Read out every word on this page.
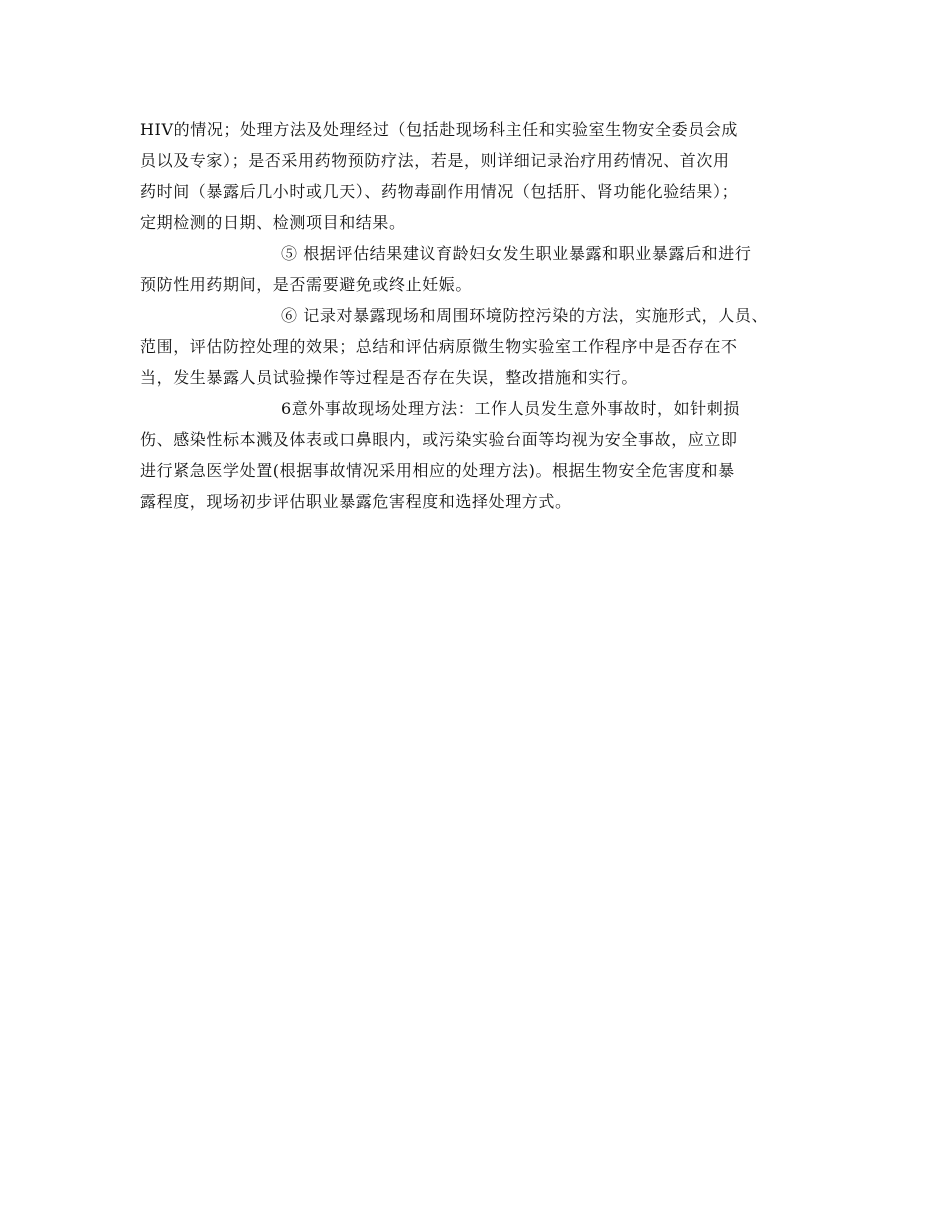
HIV的情况；处理方法及处理经过（包括赴现场科主任和实验室生物安全委员会成
员以及专家）；是否采用药物预防疗法，若是，则详细记录治疗用药情况、首次用
药时间（暴露后几小时或几天）、药物毒副作用情况（包括肝、肾功能化验结果）；
定期检测的日期、检测项目和结果。
⑤ 根据评估结果建议育龄妇女发生职业暴露和职业暴露后和进行
预防性用药期间，是否需要避免或终止妊娠。
⑥ 记录对暴露现场和周围环境防控污染的方法，实施形式，人员、
范围，评估防控处理的效果；总结和评估病原微生物实验室工作程序中是否存在不
当，发生暴露人员试验操作等过程是否存在失误，整改措施和实行。
6意外事故现场处理方法：工作人员发生意外事故时，如针刺损
伤、感染性标本溅及体表或口鼻眼内，或污染实验台面等均视为安全事故，应立即
进行紧急医学处置(根据事故情况采用相应的处理方法)。根据生物安全危害度和暴
露程度，现场初步评估职业暴露危害程度和选择处理方式。
